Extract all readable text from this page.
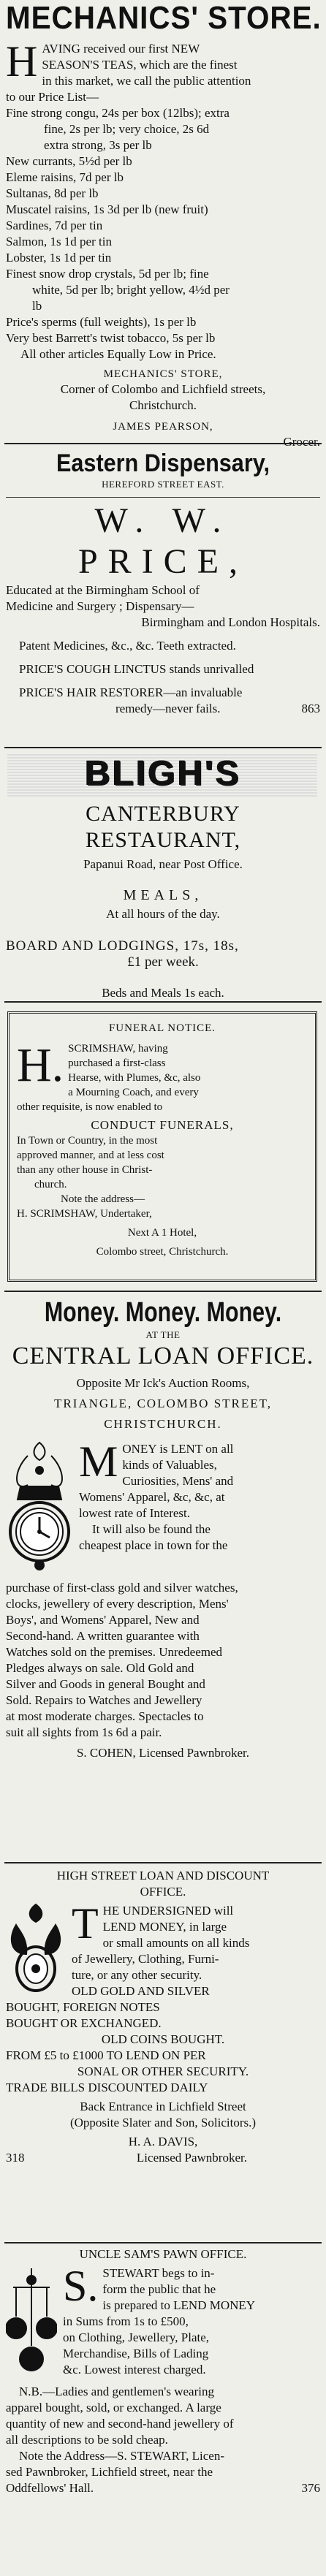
MECHANICS' STORE.
H AVING received our first NEW
SEASON'S TEAS, which are the finest
in this market, we call the public attention
to our Price List—
Fine strong congu, 24s per box (12lbs); extra
fine, 2s per lb; very choice, 2s 6d
extra strong, 3s per lb
New currants, 5½d per lb
Eleme raisins, 7d per lb
Sultanas, 8d per lb
Muscatel raisins, 1s 3d per lb (new fruit)
Sardines, 7d per tin
Salmon, 1s 1d per tin
Lobster, 1s 1d per tin
Finest snow drop crystals, 5d per lb; fine
white, 5d per lb; bright yellow, 4½d per
lb
Price's sperms (full weights), 1s per lb
Very best Barrett's twist tobacco, 5s per lb
All other articles Equally Low in Price.
MECHANICS' STORE,
Corner of Colombo and Lichfield streets,
Christchurch.
JAMES PEARSON,
Grocer.
Eastern Dispensary,
HEREFORD STREET EAST.
W. W. PRICE,
Educated at the Birmingham School of
Medicine and Surgery ; Dispensary—
Birmingham and London Hospitals.
Patent Medicines, &c., &c. Teeth extracted.
PRICE'S COUGH LINCTUS stands unrivalled
PRICE'S HAIR RESTORER—an invaluable
remedy—never fails.	863
BLIGH'S
CANTERBURY RESTAURANT,
Papanui Road, near Post Office.
MEALS,
At all hours of the day.
BOARD AND LODGINGS, 17s, 18s,
£1 per week.
Beds and Meals 1s each.
FUNERAL NOTICE.
H. SCRIMSHAW, having
purchased a first-class
Hearse, with Plumes, &c, also
a Mourning Coach, and every
other requisite, is now enabled to
CONDUCT FUNERALS,
In Town or Country, in the most
approved manner, and at less cost
than any other house in Christ-
church.
Note the address—
H. SCRIMSHAW, Undertaker,
Next A 1 Hotel,
Colombo street, Christchurch.
Money. Money. Money.
AT THE
CENTRAL LOAN OFFICE.
Opposite Mr Ick's Auction Rooms,
TRIANGLE, COLOMBO STREET,
CHRISTCHURCH.
M ONEY is LENT on all
kinds of Valuables,
Curiosities, Mens' and
Womens' Apparel, &c, &c, at
lowest rate of Interest.
It will also be found the
cheapest place in town for the
purchase of first-class gold and silver watches,
clocks, jewellery of every description, Mens'
Boys', and Womens' Apparel, New and
Second-hand. A written guarantee with
Watches sold on the premises. Unredeemed
Pledges always on sale. Old Gold and
Silver and Goods in general Bought and
Sold. Repairs to Watches and Jewellery
at most moderate charges. Spectacles to
suit all sights from 1s 6d a pair.
S. COHEN, Licensed Pawnbroker.
HIGH STREET LOAN AND DISCOUNT
OFFICE.
T HE UNDERSIGNED will
LEND MONEY, in large
or small amounts on all kinds
of Jewellery, Clothing, Furni-
ture, or any other security.
OLD GOLD AND SILVER
BOUGHT, FOREIGN NOTES
BOUGHT OR EXCHANGED.
OLD COINS BOUGHT.
FROM £5 to £1000 TO LEND ON PER
SONAL OR OTHER SECURITY.
TRADE BILLS DISCOUNTED DAILY
Back Entrance in Lichfield Street
(Opposite Slater and Son, Solicitors.)
H. A. DAVIS,
318	Licensed Pawnbroker.
UNCLE SAM'S PAWN OFFICE.
S. STEWART begs to in-
form the public that he
is prepared to LEND MONEY
in Sums from 1s to £500,
on Clothing, Jewellery, Plate,
Merchandise, Bills of Lading
&c. Lowest interest charged.
N.B.—Ladies and gentlemen's wearing
apparel bought, sold, or exchanged. A large
quantity of new and second-hand jewellery of
all descriptions to be sold cheap.
Note the Address—S. STEWART, Licen-
sed Pawnbroker, Lichfield street, near the
Oddfellows' Hall.	376
